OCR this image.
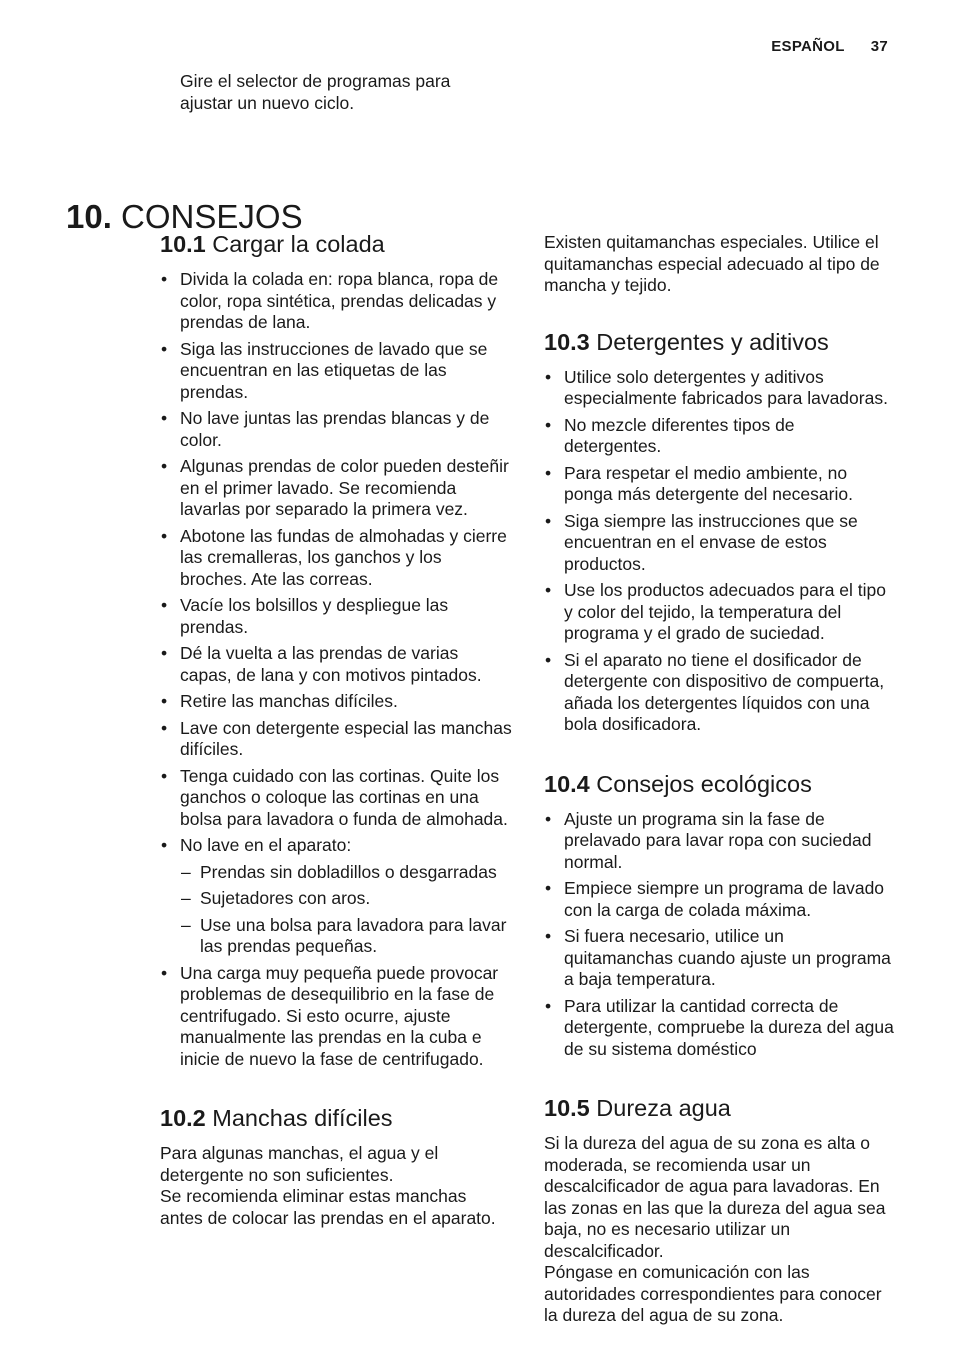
ESPAÑOL 37
Gire el selector de programas para ajustar un nuevo ciclo.
10. CONSEJOS
10.1 Cargar la colada
• Divida la colada en: ropa blanca, ropa de color, ropa sintética, prendas delicadas y prendas de lana.
• Siga las instrucciones de lavado que se encuentran en las etiquetas de las prendas.
• No lave juntas las prendas blancas y de color.
• Algunas prendas de color pueden desteñir en el primer lavado. Se recomienda lavarlas por separado la primera vez.
• Abotone las fundas de almohadas y cierre las cremalleras, los ganchos y los broches. Ate las correas.
• Vacíe los bolsillos y despliegue las prendas.
• Dé la vuelta a las prendas de varias capas, de lana y con motivos pintados.
• Retire las manchas difíciles.
• Lave con detergente especial las manchas difíciles.
• Tenga cuidado con las cortinas. Quite los ganchos o coloque las cortinas en una bolsa para lavadora o funda de almohada.
• No lave en el aparato:
– Prendas sin dobladillos o desgarradas
– Sujetadores con aros.
– Use una bolsa para lavadora para lavar las prendas pequeñas.
• Una carga muy pequeña puede provocar problemas de desequilibrio en la fase de centrifugado. Si esto ocurre, ajuste manualmente las prendas en la cuba e inicie de nuevo la fase de centrifugado.
10.2 Manchas difíciles

Para algunas manchas, el agua y el detergente no son suficientes.

Se recomienda eliminar estas manchas antes de colocar las prendas en el aparato.

Existen quitamanchas especiales. Utilice el quitamanchas especial adecuado al tipo de mancha y tejido.

10.3 Detergentes y aditivos
• Utilice solo detergentes y aditivos especialmente fabricados para lavadoras.
• No mezcle diferentes tipos de detergentes.
• Para respetar el medio ambiente, no ponga más detergente del necesario.
• Siga siempre las instrucciones que se encuentran en el envase de estos productos.
• Use los productos adecuados para el tipo y color del tejido, la temperatura del programa y el grado de suciedad.
• Si el aparato no tiene el dosificador de detergente con dispositivo de compuerta, añada los detergentes líquidos con una bola dosificadora.
10.4 Consejos ecológicos
• Ajuste un programa sin la fase de prelavado para lavar ropa con suciedad normal.
• Empiece siempre un programa de lavado con la carga de colada máxima.
• Si fuera necesario, utilice un quitamanchas cuando ajuste un programa a baja temperatura.
• Para utilizar la cantidad correcta de detergente, compruebe la dureza del agua de su sistema doméstico
10.5 Dureza agua

Si la dureza del agua de su zona es alta o moderada, se recomienda usar un descalcificador de agua para lavadoras. En las zonas en las que la dureza del agua sea baja, no es necesario utilizar un descalcificador.

Póngase en comunicación con las autoridades correspondientes para conocer la dureza del agua de su zona.
